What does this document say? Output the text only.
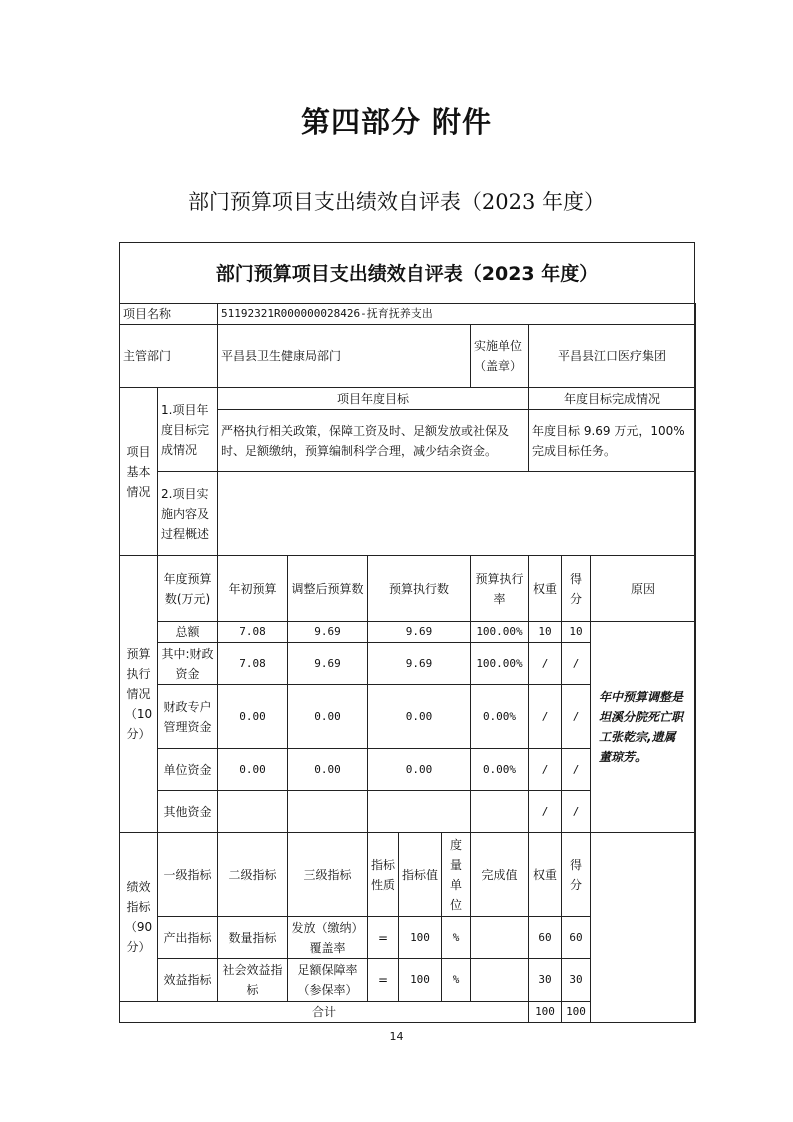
第四部分 附件
部门预算项目支出绩效自评表（2023 年度）
部门预算项目支出绩效自评表（2023 年度）
项目名称		51192321R000000028426-抚育抚养支出								
主管部门		平昌县卫生健康局部门					实施单位（盖章）	平昌县江口医疗集团		
项目基本情况	1.项目年度目标完成情况	项目年度目标						年度目标完成情况		
		严格执行相关政策，保障工资及时、足额发放或社保及时、足额缴纳，预算编制科学合理，减少结余资金。						年度目标 9.69 万元，100%完成目标任务。		
	2.项目实施内容及过程概述									
预算执行情况（10分）	年度预算数(万元)	年初预算	调整后预算数	预算执行数			预算执行率	权重	得分	原因
	总额	7.08	9.69	9.69			100.00%	10	10	年中预算调整是坦溪分院死亡职工张乾宗,遗属董琼芳。
	其中:财政资金	7.08	9.69	9.69			100.00%	/	/	
	财政专户管理资金	0.00	0.00	0.00			0.00%	/	/	
	单位资金	0.00	0.00	0.00			0.00%	/	/	
	其他资金							/	/	
绩效指标（90分）	一级指标	二级指标	三级指标	指标性质	指标值	度量单位	完成值	权重	得分	
	产出指标	数量指标	发放（缴纳）覆盖率	=	100	%		60	60	
	效益指标	社会效益指标	足额保障率（参保率）	=	100	%		30	30	
合计								100	100	
14
